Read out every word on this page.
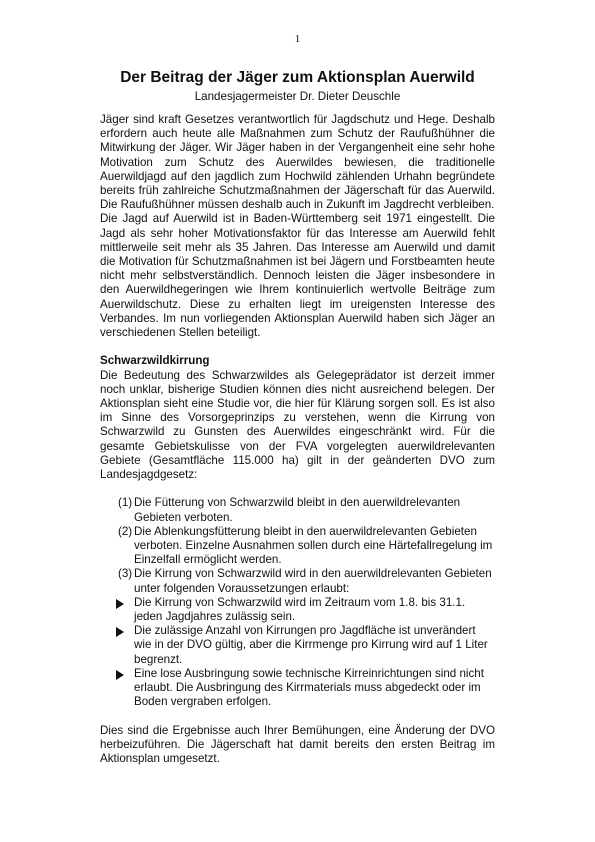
1
Der Beitrag der Jäger zum Aktionsplan Auerwild
Landesjagermeister Dr. Dieter Deuschle

Jäger sind kraft Gesetzes verantwortlich für Jagdschutz und Hege. Deshalb erfordern auch heute alle Maßnahmen zum Schutz der Raufußhühner die Mitwirkung der Jäger. Wir Jäger haben in der Vergangenheit eine sehr hohe Motivation zum Schutz des Auerwildes bewiesen, die traditionelle Auerwildjagd auf den jagdlich zum Hochwild zählenden Urhahn begründete bereits früh zahlreiche Schutzmaßnahmen der Jägerschaft für das Auerwild. Die Raufußhühner müssen deshalb auch in Zukunft im Jagdrecht verbleiben.

Die Jagd auf Auerwild ist in Baden-Württemberg seit 1971 eingestellt. Die Jagd als sehr hoher Motivationsfaktor für das Interesse am Auerwild fehlt mittlerweile seit mehr als 35 Jahren. Das Interesse am Auerwild und damit die Motivation für Schutzmaßnahmen ist bei Jägern und Forstbeamten heute nicht mehr selbstverständlich. Dennoch leisten die Jäger insbesondere in den Auerwildhegeringen wie Ihrem kontinuierlich wertvolle Beiträge zum Auerwildschutz. Diese zu erhalten liegt im ureigensten Interesse des Verbandes. Im nun vorliegenden Aktionsplan Auerwild haben sich Jäger an verschiedenen Stellen beteiligt.

Schwarzwildkirrung

Die Bedeutung des Schwarzwildes als Gelegeprädator ist derzeit immer noch unklar, bisherige Studien können dies nicht ausreichend belegen. Der Aktionsplan sieht eine Studie vor, die hier für Klärung sorgen soll. Es ist also im Sinne des Vorsorgeprinzips zu verstehen, wenn die Kirrung von Schwarzwild zu Gunsten des Auerwildes eingeschränkt wird. Für die gesamte Gebietskulisse von der FVA vorgelegten auerwildrelevanten Gebiete (Gesamtfläche 115.000 ha) gilt in der geänderten DVO zum Landesjagdgesetz:

(1) Die Fütterung von Schwarzwild bleibt in den auerwildrelevanten Gebieten verboten.
(2) Die Ablenkungsfütterung bleibt in den auerwildrelevanten Gebieten verboten. Einzelne Ausnahmen sollen durch eine Härtefallregelung im Einzelfall ermöglicht werden.
(3) Die Kirrung von Schwarzwild wird in den auerwildrelevanten Gebieten unter folgenden Voraussetzungen erlaubt:
Die Kirrung von Schwarzwild wird im Zeitraum vom 1.8. bis 31.1. jeden Jagdjahres zulässig sein.
Die zulässige Anzahl von Kirrungen pro Jagdfläche ist unverändert wie in der DVO gültig, aber die Kirrmenge pro Kirrung wird auf 1 Liter begrenzt.
Eine lose Ausbringung sowie technische Kirreinrichtungen sind nicht erlaubt. Die Ausbringung des Kirrmaterials muss abgedeckt oder im Boden vergraben erfolgen.

Dies sind die Ergebnisse auch Ihrer Bemühungen, eine Änderung der DVO herbeizuführen. Die Jägerschaft hat damit bereits den ersten Beitrag im Aktionsplan umgesetzt.
